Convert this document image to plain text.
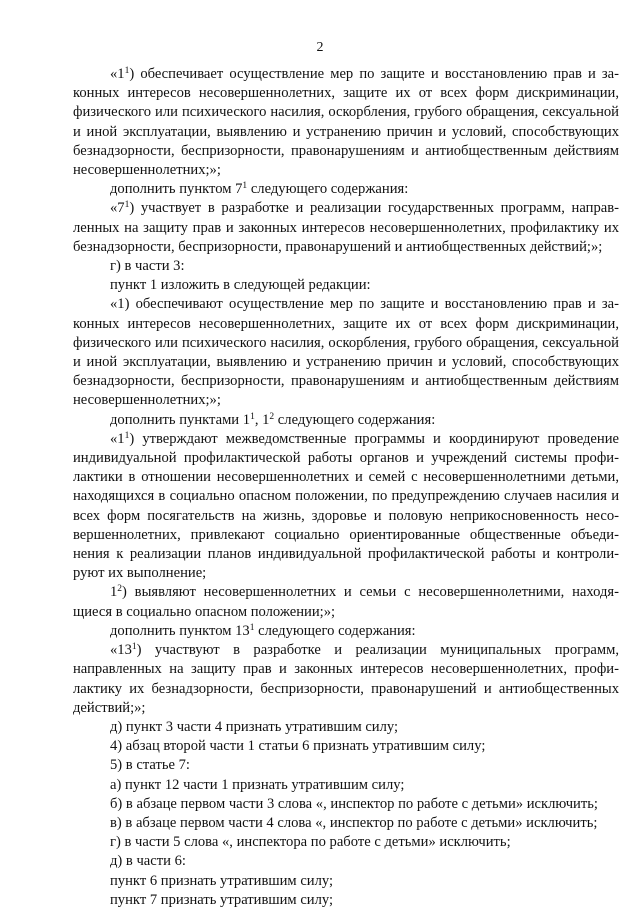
2

«$1^1$) обеспечивает осуществление мер по защите и восстановлению прав и законных интересов несовершеннолетних, защите их от всех форм дискриминации, физического или психического насилия, оскорбления, грубого обращения, сексуальной и иной эксплуатации, выявлению и устранению причин и условий, способствующих безнадзорности, беспризорности, правонарушениям и антиобщественным действиям несовершеннолетних;»;

дополнить пунктом $7^1$ следующего содержания:

«$7^1$) участвует в разработке и реализации государственных программ, направленных на защиту прав и законных интересов несовершеннолетних, профилактику их безнадзорности, беспризорности, правонарушений и антиобщественных действий;»;

г) в части 3:

пункт 1 изложить в следующей редакции:

«1) обеспечивают осуществление мер по защите и восстановлению прав и законных интересов несовершеннолетних, защите их от всех форм дискриминации, физического или психического насилия, оскорбления, грубого обращения, сексуальной и иной эксплуатации, выявлению и устранению причин и условий, способствующих безнадзорности, беспризорности, правонарушениям и антиобщественным действиям несовершеннолетних;»;

дополнить пунктами $1^1$, $1^2$ следующего содержания:

«$1^1$) утверждают межведомственные программы и координируют проведение индивидуальной профилактической работы органов и учреждений системы профилактики в отношении несовершеннолетних и семей с несовершеннолетними детьми, находящихся в социально опасном положении, по предупреждению случаев насилия и всех форм посягательств на жизнь, здоровье и половую неприкосновенность несовершеннолетних, привлекают социально ориентированные общественные объединения к реализации планов индивидуальной профилактической работы и контролируют их выполнение;

$1^2$) выявляют несовершеннолетних и семьи с несовершеннолетними, находящиеся в социально опасном положении;»;

дополнить пунктом $13^1$ следующего содержания:

«$13^1$) участвуют в разработке и реализации муниципальных программ, направленных на защиту прав и законных интересов несовершеннолетних, профилактику их безнадзорности, беспризорности, правонарушений и антиобщественных действий;»;

д) пункт 3 части 4 признать утратившим силу;

4) абзац второй части 1 статьи 6 признать утратившим силу;

5) в статье 7:

а) пункт 12 части 1 признать утратившим силу;

б) в абзаце первом части 3 слова «, инспектор по работе с детьми» исключить;

в) в абзаце первом части 4 слова «, инспектор по работе с детьми» исключить;

г) в части 5 слова «, инспектора по работе с детьми» исключить;

д) в части 6:

пункт 6 признать утратившим силу;

пункт 7 признать утратившим силу;
